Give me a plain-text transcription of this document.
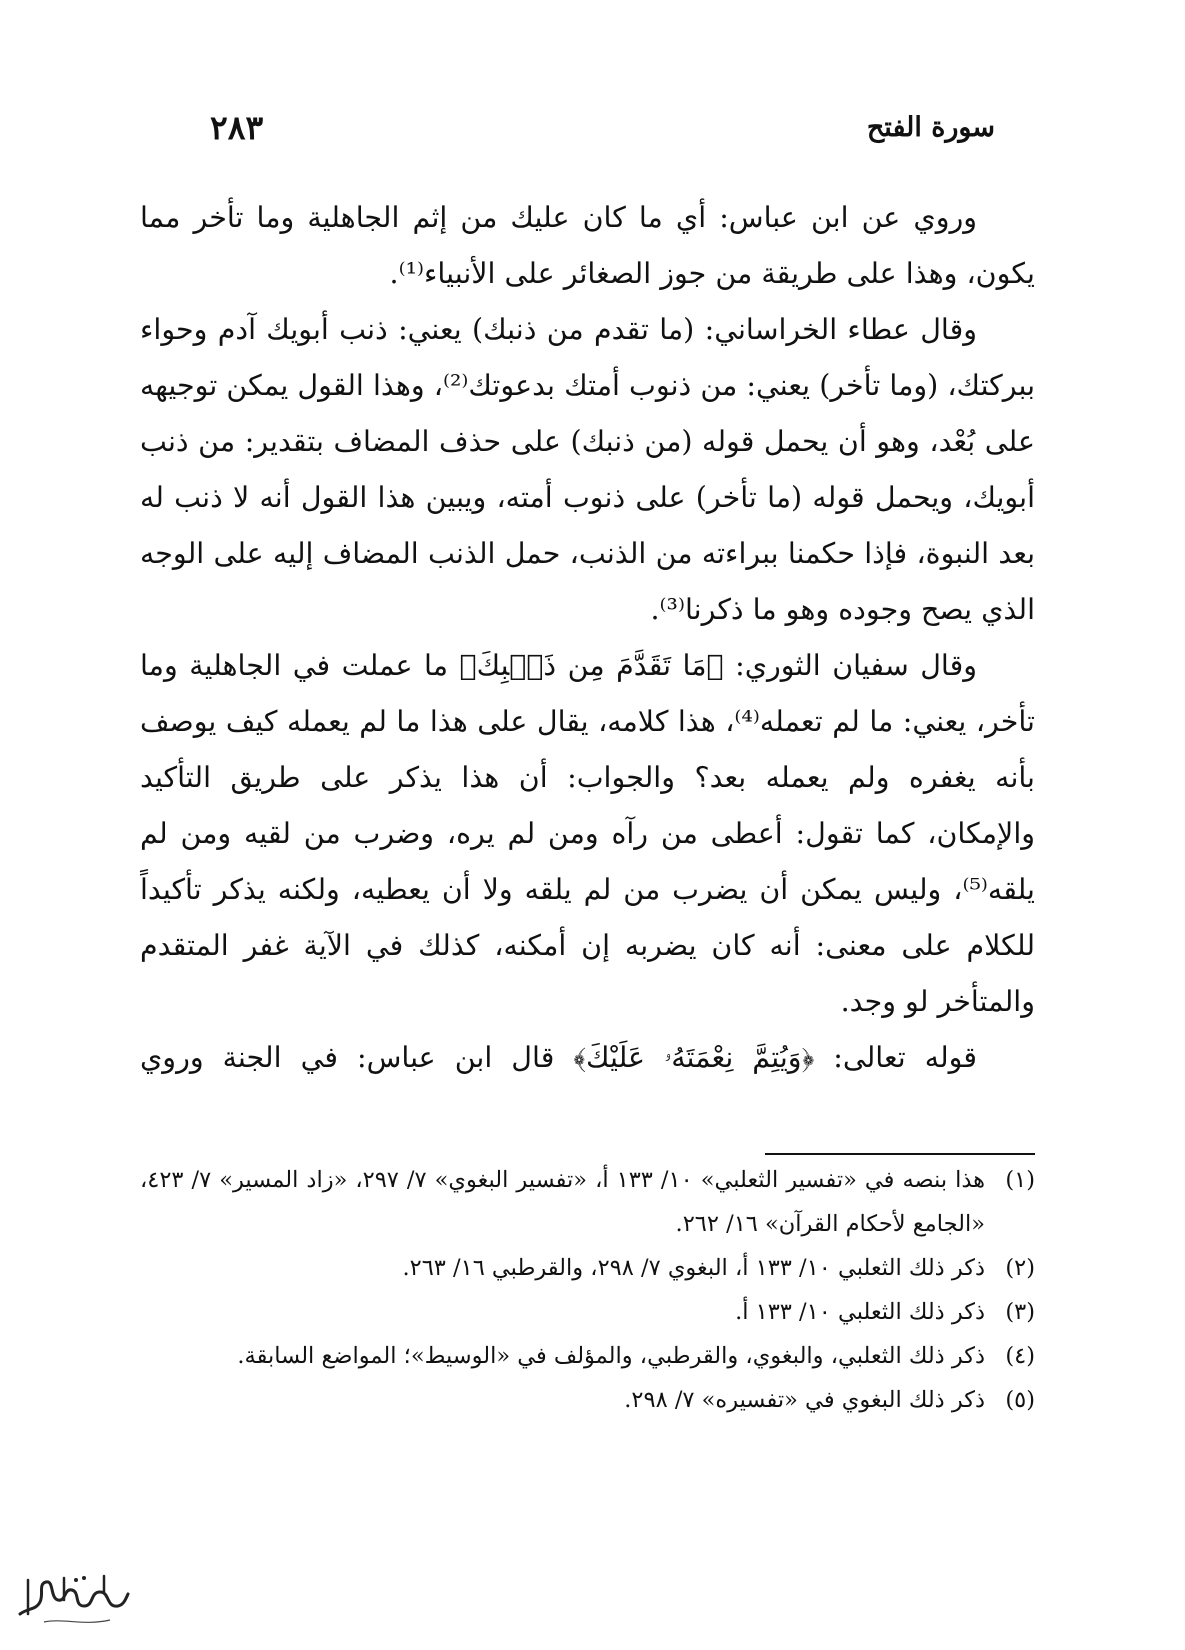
سورة الفتح
٢٨٣

وروي عن ابن عباس: أي ما كان عليك من إثم الجاهلية وما تأخر مما يكون، وهذا على طريقة من جوز الصغائر على الأنبياء⁽¹⁾.

وقال عطاء الخراساني: (ما تقدم من ذنبك) يعني: ذنب أبويك آدم وحواء ببركتك، (وما تأخر) يعني: من ذنوب أمتك بدعوتك⁽²⁾، وهذا القول يمكن توجيهه على بُعْد، وهو أن يحمل قوله (من ذنبك) على حذف المضاف بتقدير: من ذنب أبويك، ويحمل قوله (ما تأخر) على ذنوب أمته، ويبين هذا القول أنه لا ذنب له بعد النبوة، فإذا حكمنا ببراءته من الذنب، حمل الذنب المضاف إليه على الوجه الذي يصح وجوده وهو ما ذكرنا⁽³⁾.

وقال سفيان الثوري: ﴿مَا تَقَدَّمَ مِن ذَنۢبِكَ﴾ ما عملت في الجاهلية وما تأخر، يعني: ما لم تعمله⁽⁴⁾، هذا كلامه، يقال على هذا ما لم يعمله كيف يوصف بأنه يغفره ولم يعمله بعد؟ والجواب: أن هذا يذكر على طريق التأكيد والإمكان، كما تقول: أعطى من رآه ومن لم يره، وضرب من لقيه ومن لم يلقه⁽⁵⁾، وليس يمكن أن يضرب من لم يلقه ولا أن يعطيه، ولكنه يذكر تأكيداً للكلام على معنى: أنه كان يضربه إن أمكنه، كذلك في الآية غفر المتقدم والمتأخر لو وجد.

قوله تعالى: ﴿وَيُتِمَّ نِعْمَتَهُۥ عَلَيْكَ﴾ قال ابن عباس: في الجنة وروي

(١)
هذا بنصه في «تفسير الثعلبي» ١٠/ ١٣٣ أ، «تفسير البغوي» ٧/ ٢٩٧، «زاد المسير» ٧/ ٤٢٣، «الجامع لأحكام القرآن» ١٦/ ٢٦٢.

(٢)
ذكر ذلك الثعلبي ١٠/ ١٣٣ أ، البغوي ٧/ ٢٩٨، والقرطبي ١٦/ ٢٦٣.

(٣)
ذكر ذلك الثعلبي ١٠/ ١٣٣ أ.

(٤)
ذكر ذلك الثعلبي، والبغوي، والقرطبي، والمؤلف في «الوسيط»؛ المواضع السابقة.

(٥)
ذكر ذلك البغوي في «تفسيره» ٧/ ٢٩٨.
